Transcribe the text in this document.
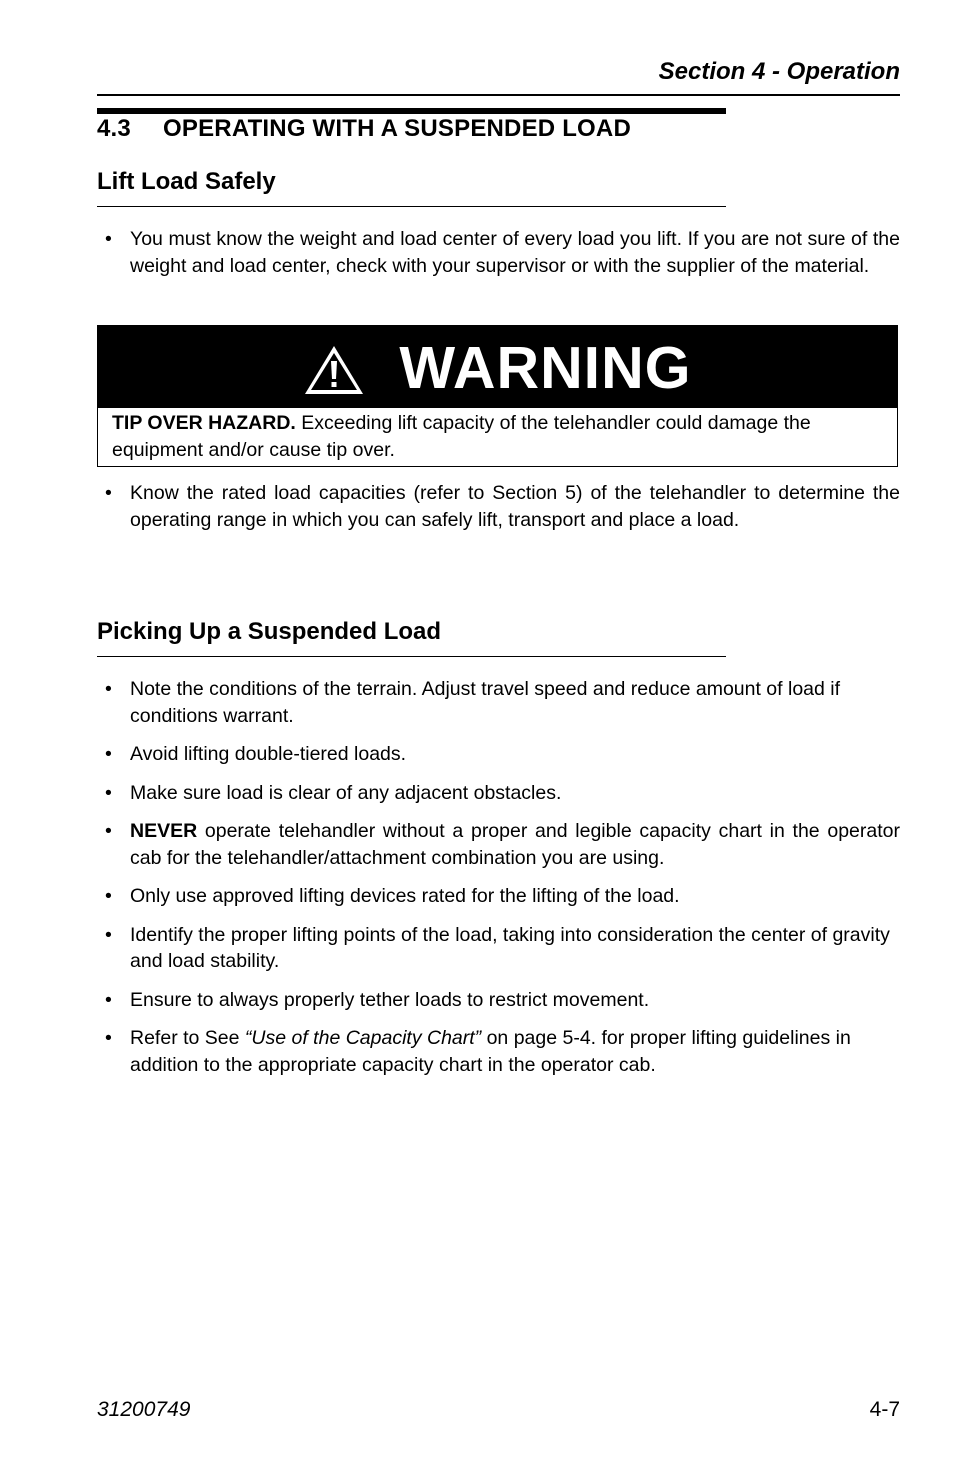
Section 4 - Operation
4.3 OPERATING WITH A SUSPENDED LOAD
Lift Load Safely
• You must know the weight and load center of every load you lift. If you are not sure of the weight and load center, check with your supervisor or with the supplier of the material.
WARNING
TIP OVER HAZARD. Exceeding lift capacity of the telehandler could damage the equipment and/or cause tip over.
• Know the rated load capacities (refer to Section 5) of the telehandler to determine the operating range in which you can safely lift, transport and place a load.
Picking Up a Suspended Load
• Note the conditions of the terrain. Adjust travel speed and reduce amount of load if conditions warrant.
• Avoid lifting double-tiered loads.
• Make sure load is clear of any adjacent obstacles.
• NEVER operate telehandler without a proper and legible capacity chart in the operator cab for the telehandler/attachment combination you are using.
• Only use approved lifting devices rated for the lifting of the load.
• Identify the proper lifting points of the load, taking into consideration the center of gravity and load stability.
• Ensure to always properly tether loads to restrict movement.
• Refer to See “Use of the Capacity Chart” on page 5-4. for proper lifting guidelines in addition to the appropriate capacity chart in the operator cab.
31200749	4-7
